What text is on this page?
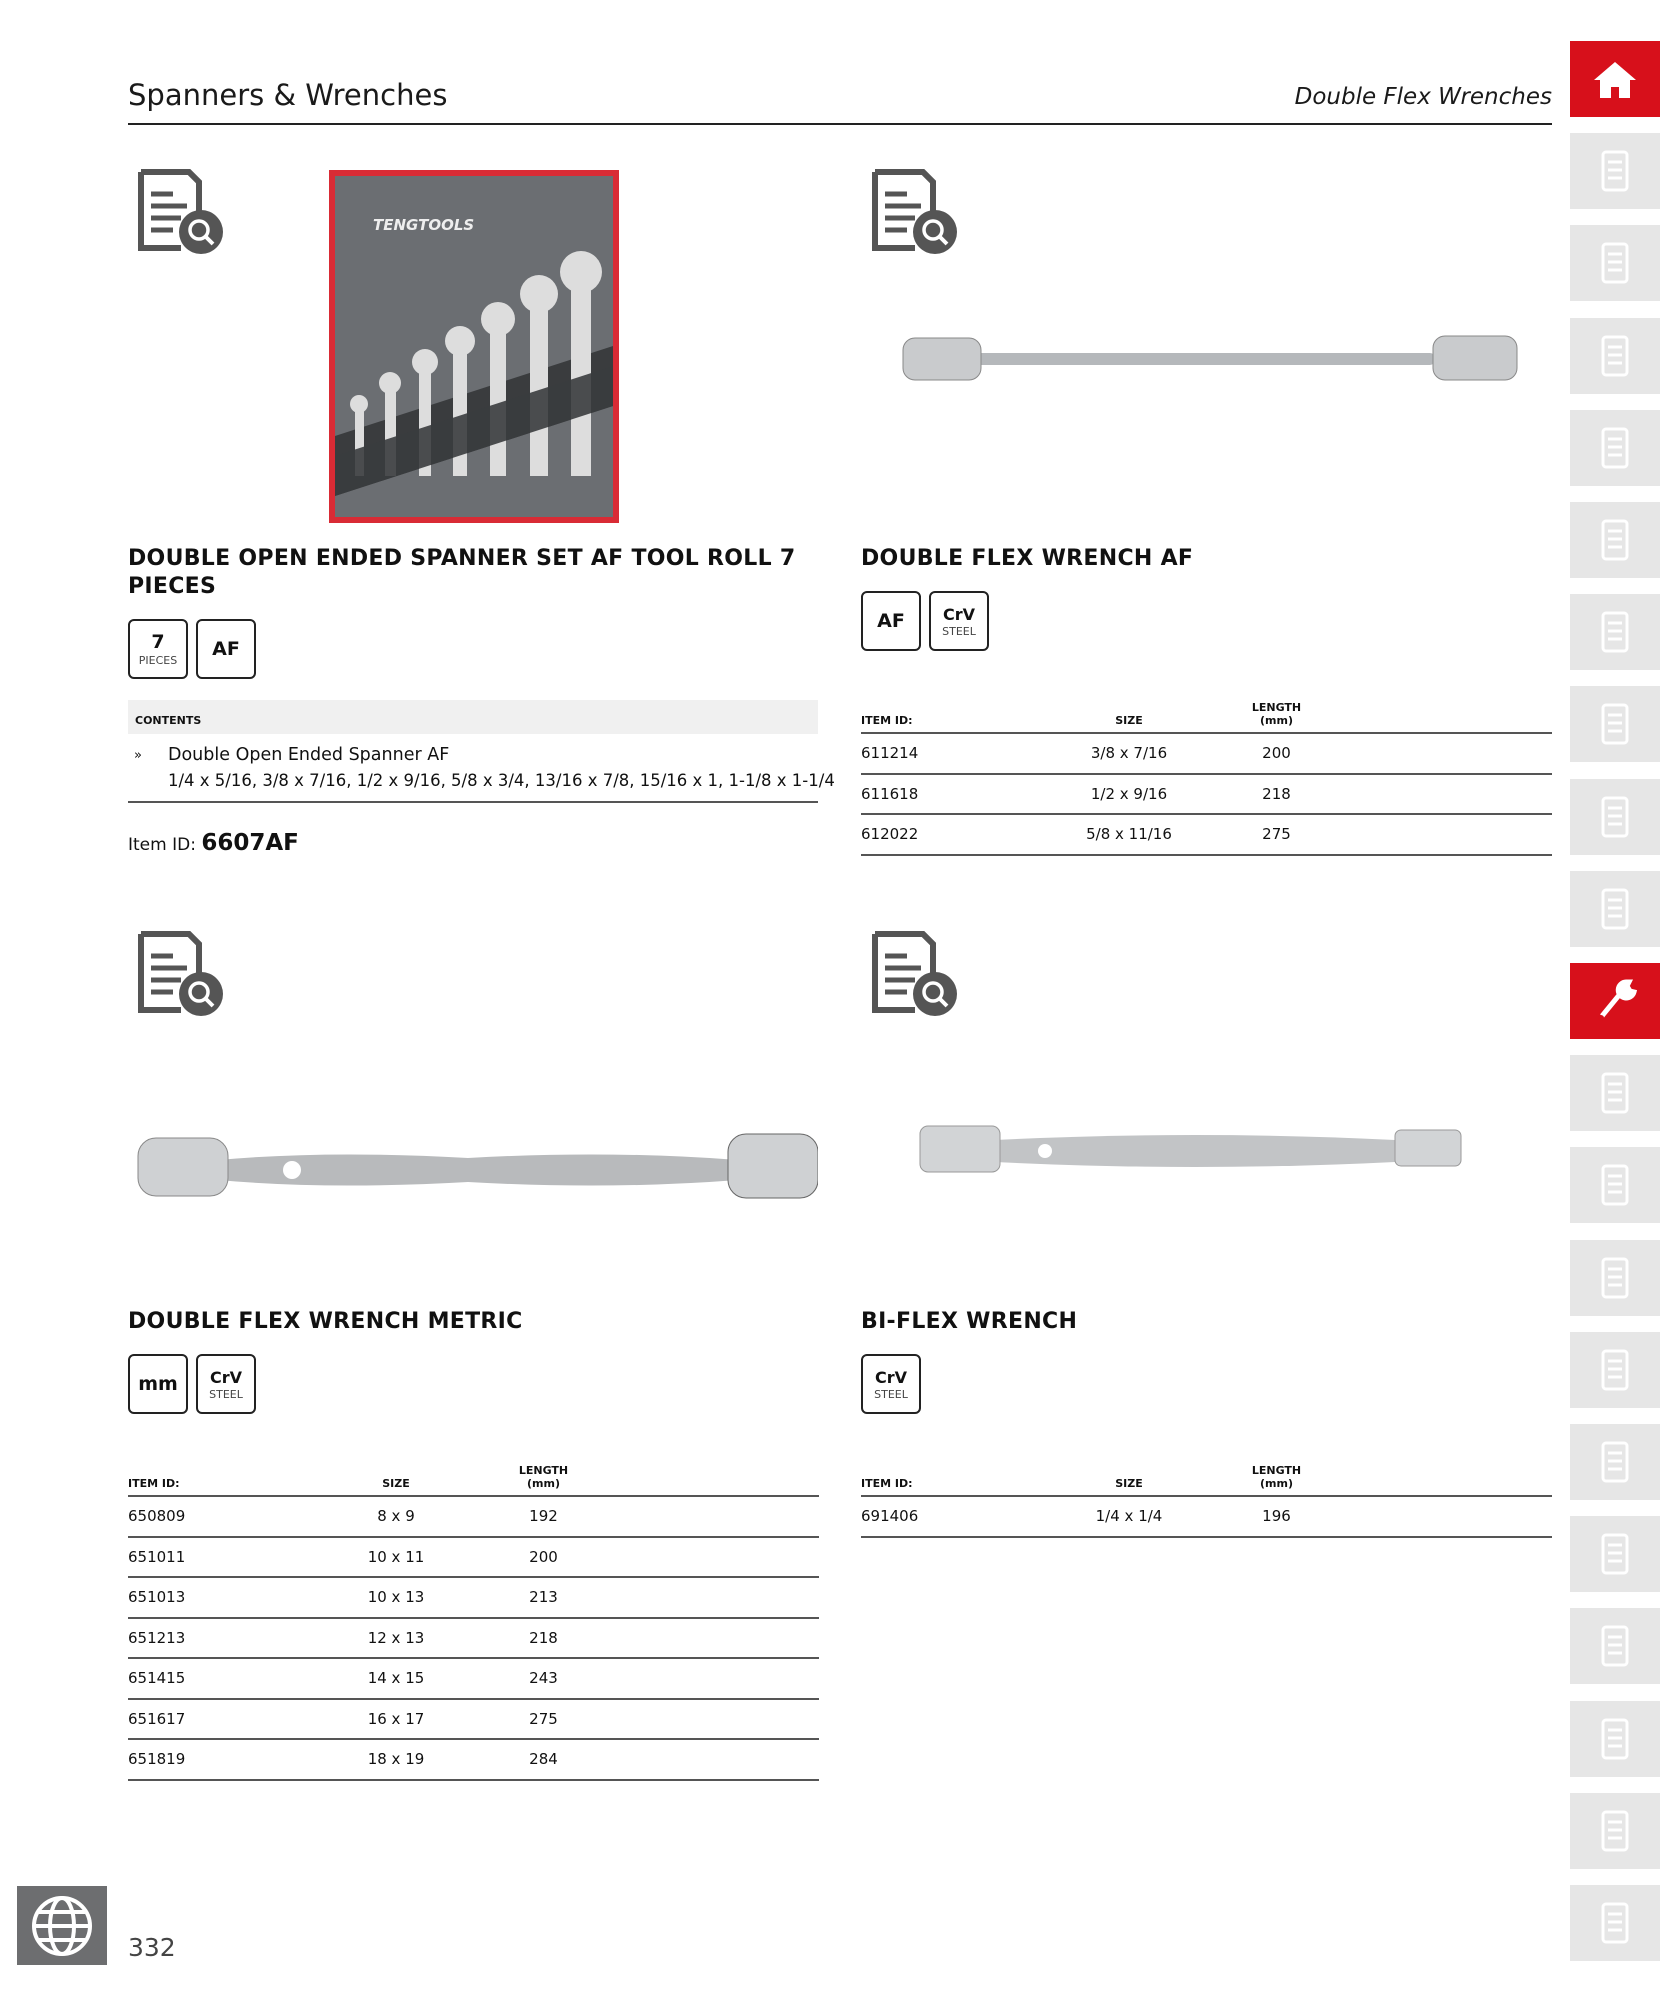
Spanners & Wrenches	Double Flex Wrenches
TENGTOOLS
DOUBLE OPEN ENDED SPANNER SET AF TOOL ROLL 7 PIECES
7
PIECES
AF
CONTENTS
» Double Open Ended Spanner AF
1/4 x 5/16, 3/8 x 7/16, 1/2 x 9/16, 5/8 x 3/4, 13/16 x 7/8, 15/16 x 1, 1-1/8 x 1-1/4
Item ID: 6607AF
DOUBLE FLEX WRENCH AF
AF CrV
STEEL
ITEM ID:	SIZE
LENGTH
(mm)
611214	3/8 x 7/16	200
611618	1/2 x 9/16	218
612022	5/8 x 11/16	275
DOUBLE FLEX WRENCH METRIC
mm CrV
STEEL
ITEM ID:	SIZE
LENGTH
(mm)
650809	8 x 9	192
651011	10 x 11	200
651013	10 x 13	213
651213	12 x 13	218
651415	14 x 15	243
651617	16 x 17	275
651819	18 x 19	284
BI-FLEX WRENCH
CrV
STEEL
ITEM ID:	SIZE
LENGTH
(mm)
691406	1/4 x 1/4	196
332
